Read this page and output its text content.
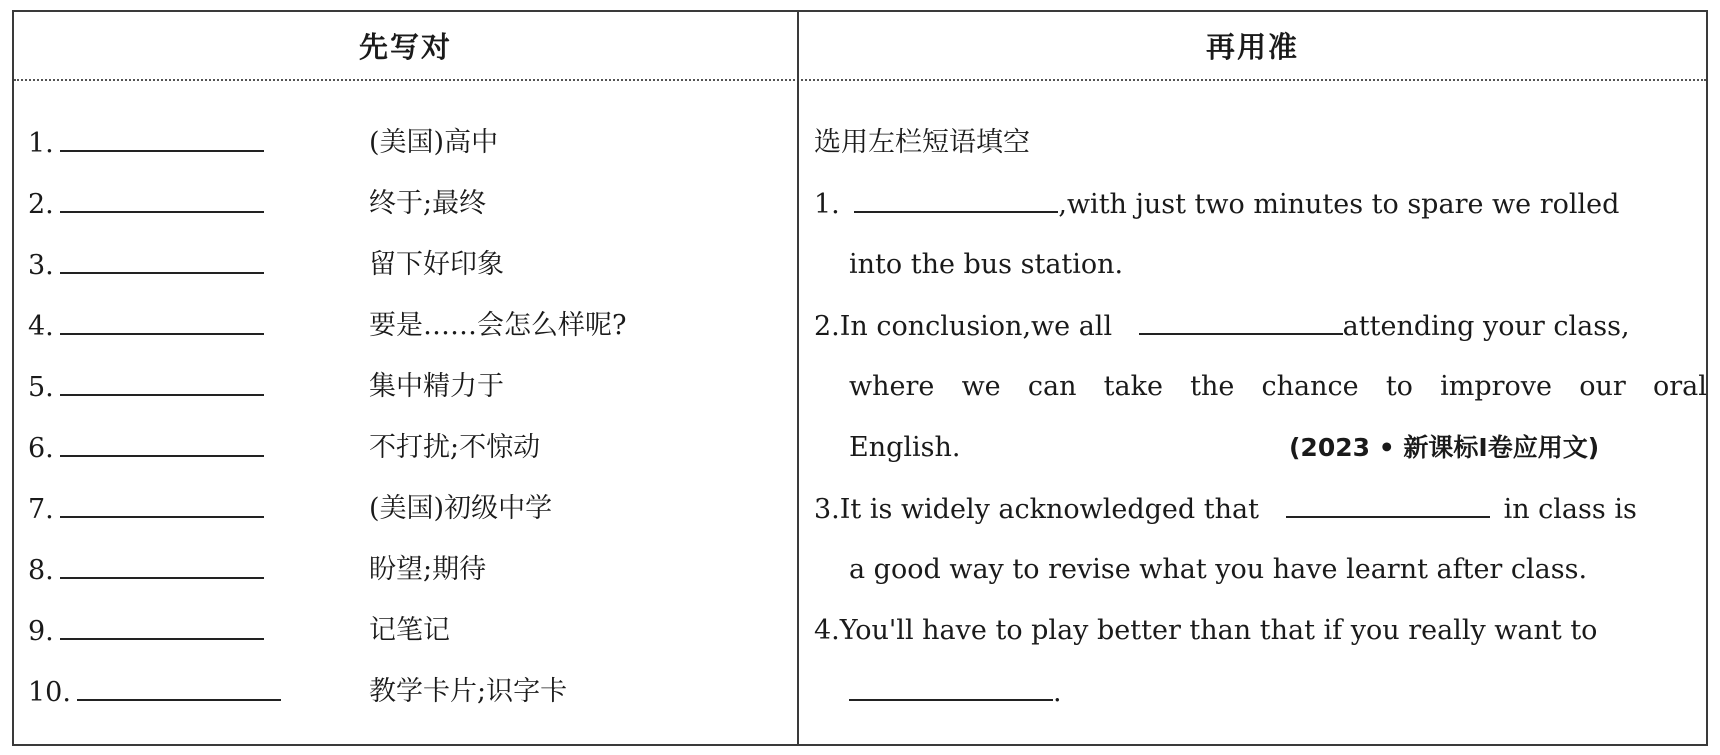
先写对	再用准
1.	(美国)高中
2.	终于;最终
3.	留下好印象
4.	要是……会怎么样呢?
5.	集中精力于
6.	不打扰;不惊动
7.	(美国)初级中学
8.	盼望;期待
9.	记笔记
10.	教学卡片;识字卡
选用左栏短语填空
1.	,with just two minutes to spare we rolled
into the bus station.
2.In conclusion,we all	attending your class,
where we can take the chance to improve our oral
English.	(2023 • 新课标Ⅰ卷应用文)
3.It is widely acknowledged that	in class is
a good way to revise what you have learnt after class.
4.You'll have to play better than that if you really want to
.
